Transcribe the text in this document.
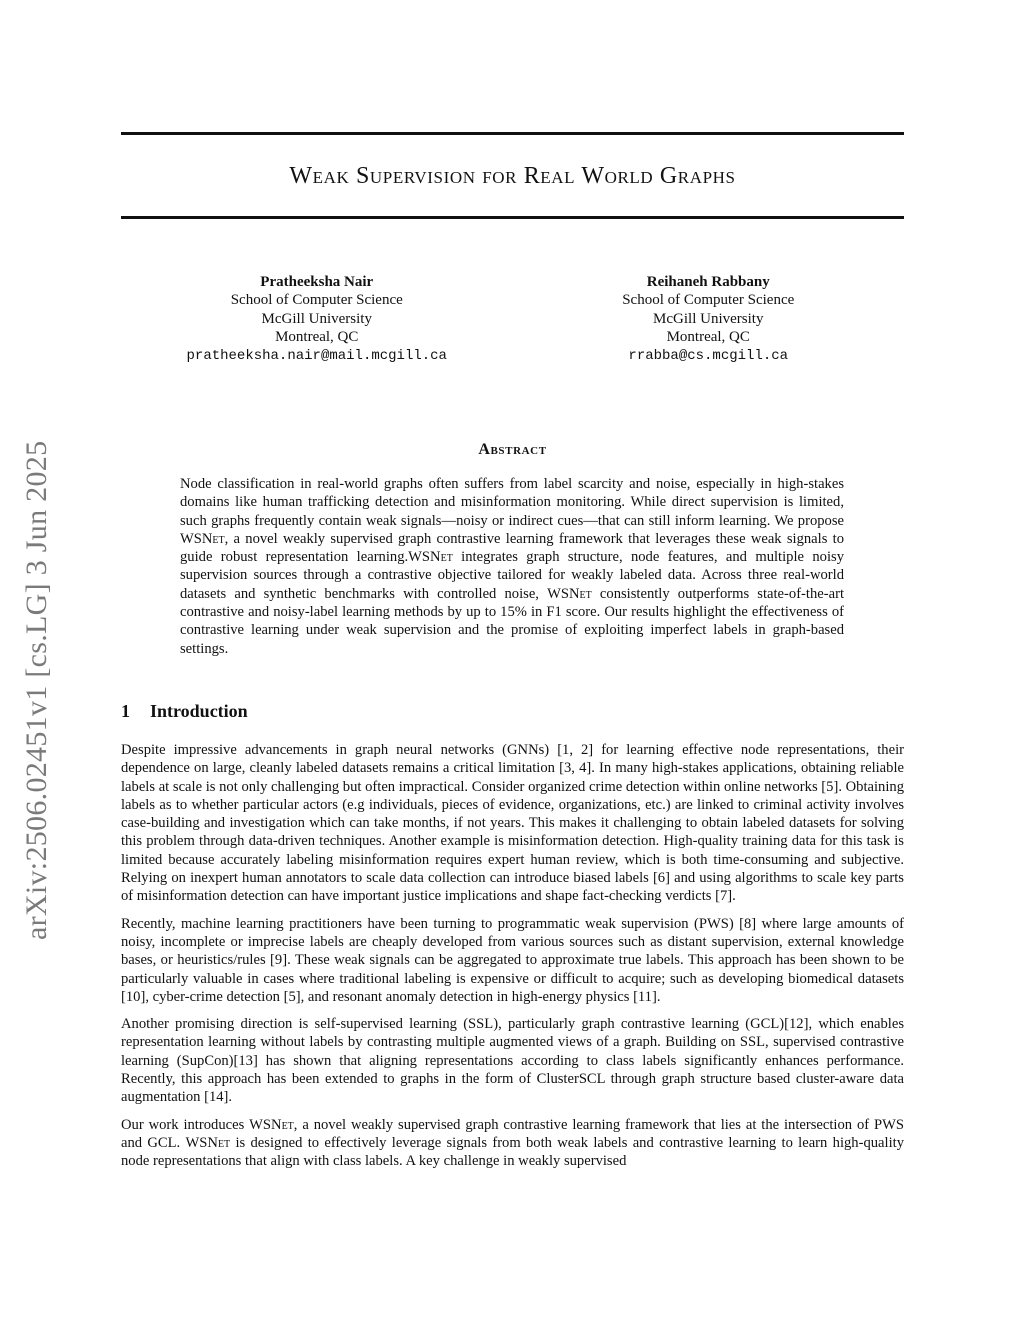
arXiv:2506.02451v1 [cs.LG] 3 Jun 2025
Weak Supervision for Real World Graphs
Pratheeksha Nair
School of Computer Science
McGill University
Montreal, QC
pratheeksha.nair@mail.mcgill.ca
Reihaneh Rabbany
School of Computer Science
McGill University
Montreal, QC
rrabba@cs.mcgill.ca
Abstract
Node classification in real-world graphs often suffers from label scarcity and noise, especially in high-stakes domains like human trafficking detection and misinformation monitoring. While direct supervision is limited, such graphs frequently contain weak signals—noisy or indirect cues—that can still inform learning. We propose WSNet, a novel weakly supervised graph contrastive learning framework that leverages these weak signals to guide robust representation learning.WSNet integrates graph structure, node features, and multiple noisy supervision sources through a contrastive objective tailored for weakly labeled data. Across three real-world datasets and synthetic benchmarks with controlled noise, WSNet consistently outperforms state-of-the-art contrastive and noisy-label learning methods by up to 15% in F1 score. Our results highlight the effectiveness of contrastive learning under weak supervision and the promise of exploiting imperfect labels in graph-based settings.
1 Introduction

Despite impressive advancements in graph neural networks (GNNs) [1, 2] for learning effective node representations, their dependence on large, cleanly labeled datasets remains a critical limitation [3, 4]. In many high-stakes applications, obtaining reliable labels at scale is not only challenging but often impractical. Consider organized crime detection within online networks [5]. Obtaining labels as to whether particular actors (e.g individuals, pieces of evidence, organizations, etc.) are linked to criminal activity involves case-building and investigation which can take months, if not years. This makes it challenging to obtain labeled datasets for solving this problem through data-driven techniques. Another example is misinformation detection. High-quality training data for this task is limited because accurately labeling misinformation requires expert human review, which is both time-consuming and subjective. Relying on inexpert human annotators to scale data collection can introduce biased labels [6] and using algorithms to scale key parts of misinformation detection can have important justice implications and shape fact-checking verdicts [7].

Recently, machine learning practitioners have been turning to programmatic weak supervision (PWS) [8] where large amounts of noisy, incomplete or imprecise labels are cheaply developed from various sources such as distant supervision, external knowledge bases, or heuristics/rules [9]. These weak signals can be aggregated to approximate true labels. This approach has been shown to be particularly valuable in cases where traditional labeling is expensive or difficult to acquire; such as developing biomedical datasets [10], cyber-crime detection [5], and resonant anomaly detection in high-energy physics [11].

Another promising direction is self-supervised learning (SSL), particularly graph contrastive learning (GCL)[12], which enables representation learning without labels by contrasting multiple augmented views of a graph. Building on SSL, supervised contrastive learning (SupCon)[13] has shown that aligning representations according to class labels significantly enhances performance. Recently, this approach has been extended to graphs in the form of ClusterSCL through graph structure based cluster-aware data augmentation [14].

Our work introduces WSNet, a novel weakly supervised graph contrastive learning framework that lies at the intersection of PWS and GCL. WSNet is designed to effectively leverage signals from both weak labels and contrastive learning to learn high-quality node representations that align with class labels. A key challenge in weakly supervised
